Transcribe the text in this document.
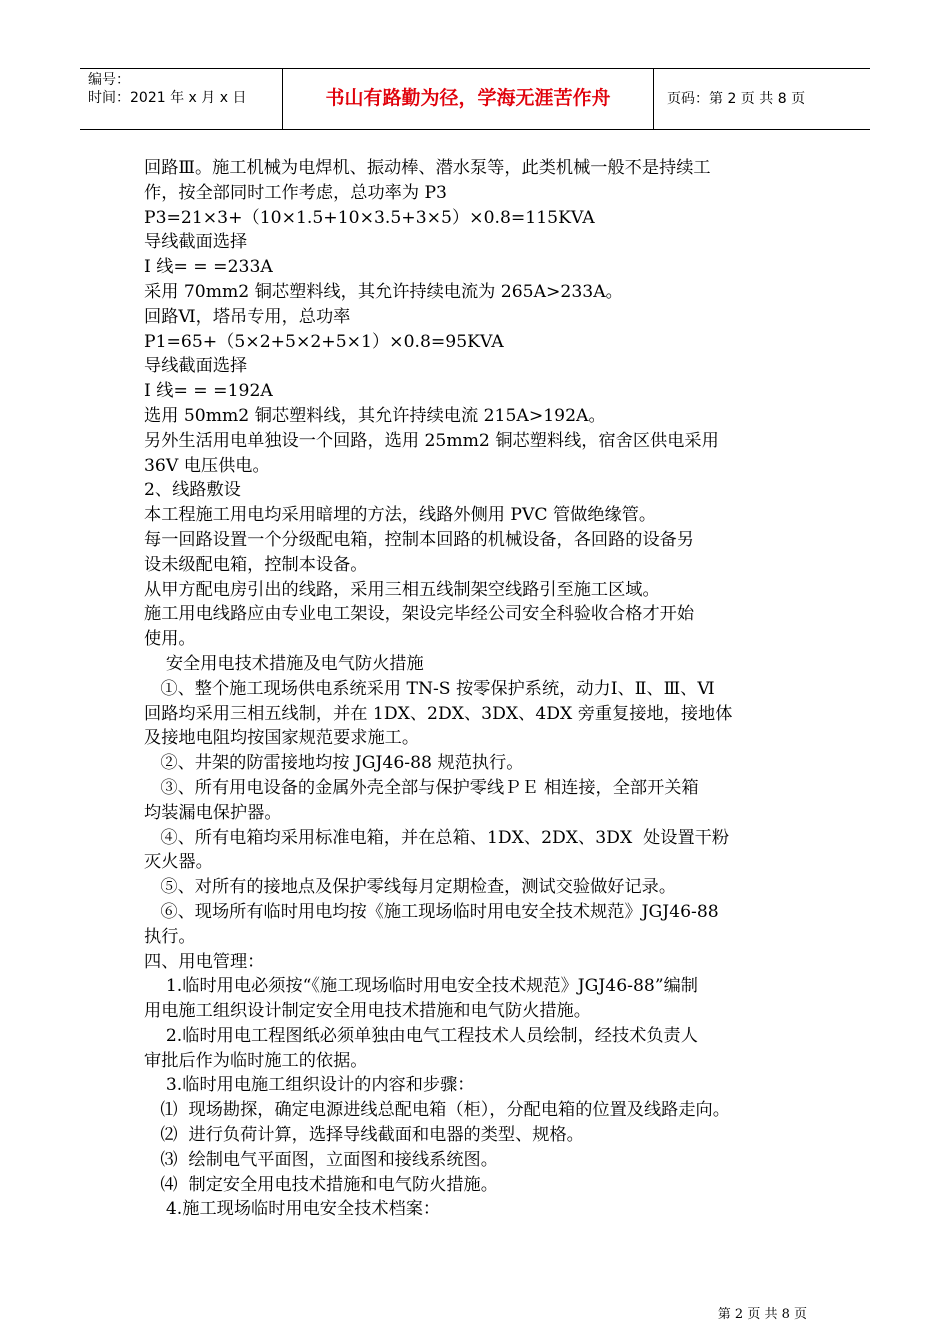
编号：
时间：2021 年 x 月 x 日	书山有路勤为径，学海无涯苦作舟	页码：第 2 页 共 8 页

回路Ⅲ。施工机械为电焊机、振动棒、潜水泵等，此类机械一般不是持续工

作，按全部同时工作考虑，总功率为 P3

P3=21×3+（10×1.5+10×3.5+3×5）×0.8=115KVA

导线截面选择

I 线= = =233A

采用 70mm2 铜芯塑料线，其允许持续电流为 265A>233A。

回路Ⅵ，塔吊专用，总功率

P1=65+（5×2+5×2+5×1）×0.8=95KVA

导线截面选择

I 线= = =192A

选用 50mm2 铜芯塑料线，其允许持续电流 215A>192A。

另外生活用电单独设一个回路，选用 25mm2 铜芯塑料线，宿舍区供电采用

36V 电压供电。

2、线路敷设

本工程施工用电均采用暗埋的方法，线路外侧用 PVC 管做绝缘管。

每一回路设置一个分级配电箱，控制本回路的机械设备，各回路的设备另

设未级配电箱，控制本设备。

从甲方配电房引出的线路，采用三相五线制架空线路引至施工区域。

施工用电线路应由专业电工架设，架设完毕经公司安全科验收合格才开始

使用。

安全用电技术措施及电气防火措施

①、整个施工现场供电系统采用 TN-S 按零保护系统，动力Ⅰ、Ⅱ、Ⅲ、Ⅵ

回路均采用三相五线制，并在 1DX、2DX、3DX、4DX 旁重复接地，接地体

及接地电阻均按国家规范要求施工。

②、井架的防雷接地均按 JGJ46-88 规范执行。

③、所有用电设备的金属外壳全部与保护零线ＰＥ 相连接，全部开关箱

均装漏电保护器。

④、所有电箱均采用标准电箱，并在总箱、1DX、2DX、3DX  处设置干粉

灭火器。

⑤、对所有的接地点及保护零线每月定期检查，测试交验做好记录。

⑥、现场所有临时用电均按《施工现场临时用电安全技术规范》JGJ46-88

执行。

四、用电管理：

1.临时用电必须按“《施工现场临时用电安全技术规范》JGJ46-88”编制

用电施工组织设计制定安全用电技术措施和电气防火措施。

2.临时用电工程图纸必须单独由电气工程技术人员绘制，经技术负责人

审批后作为临时施工的依据。

3.临时用电施工组织设计的内容和步骤：

⑴  现场勘探，确定电源进线总配电箱（柜），分配电箱的位置及线路走向。

⑵  进行负荷计算，选择导线截面和电器的类型、规格。

⑶  绘制电气平面图，立面图和接线系统图。

⑷  制定安全用电技术措施和电气防火措施。

4.施工现场临时用电安全技术档案：

第 2 页 共 8 页
